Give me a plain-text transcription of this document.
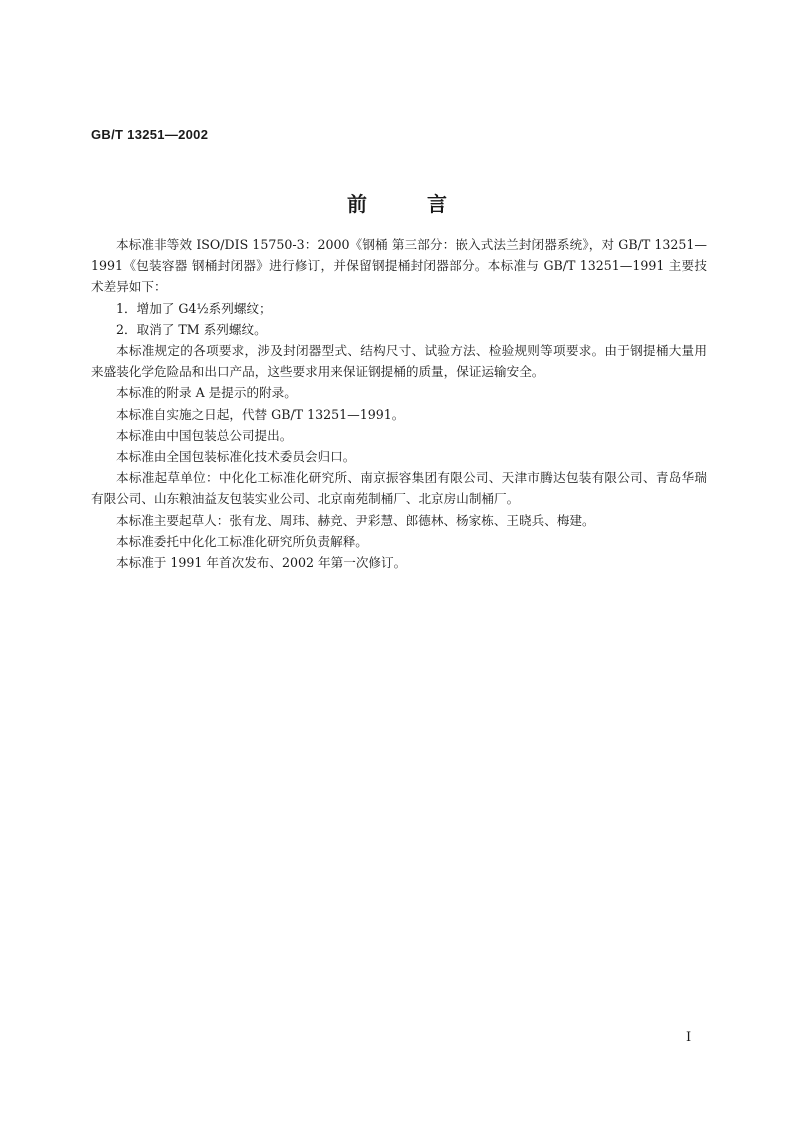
GB/T 13251—2002
前言

本标准非等效 ISO/DIS 15750-3：2000《钢桶 第三部分：嵌入式法兰封闭器系统》，对 GB/T 13251—1991《包装容器 钢桶封闭器》进行修订，并保留钢提桶封闭器部分。本标准与 GB/T 13251—1991 主要技术差异如下：

1．增加了 G4½系列螺纹；

2．取消了 TM 系列螺纹。

本标准规定的各项要求，涉及封闭器型式、结构尺寸、试验方法、检验规则等项要求。由于钢提桶大量用来盛装化学危险品和出口产品，这些要求用来保证钢提桶的质量，保证运输安全。

本标准的附录 A 是提示的附录。

本标准自实施之日起，代替 GB/T 13251—1991。

本标准由中国包装总公司提出。

本标准由全国包装标准化技术委员会归口。

本标准起草单位：中化化工标准化研究所、南京振容集团有限公司、天津市腾达包装有限公司、青岛华瑞有限公司、山东粮油益友包装实业公司、北京南苑制桶厂、北京房山制桶厂。

本标准主要起草人：张有龙、周玮、赫竞、尹彩慧、郎德林、杨家栋、王晓兵、梅建。

本标准委托中化化工标准化研究所负责解释。

本标准于 1991 年首次发布、2002 年第一次修订。

I
